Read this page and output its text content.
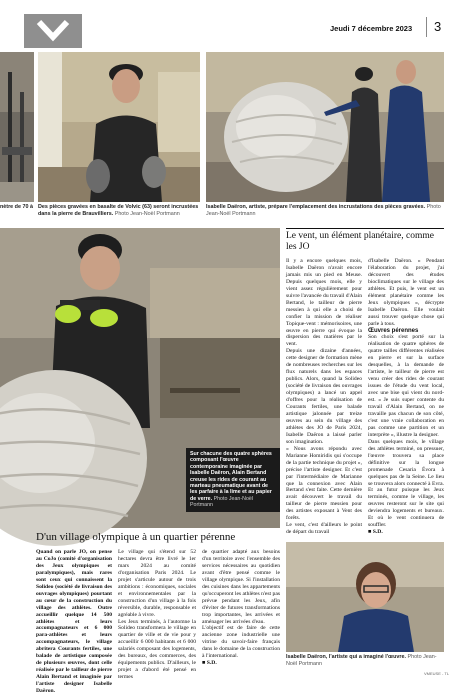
Jeudi 7 décembre 2023 3
nètre de 70 à Des pièces gravées en basalte de Volvic (63) seront incrustées dans la pierre de Brauvilliers. Photo Jean-Noël Portmann
Isabelle Daëron, artiste, prépare l'emplacement des incrustations des pièces gravées. Photo Jean-Noël Portmann
Sur chacune des quatre sphères composant l'œuvre contemporaine imaginée par Isabelle Daëron, Alain Bertand creuse les rides de courant au marteau pneumatique avant de les parfaire à la lime et au papier de verre. Photo Jean-Noël Portmann
Le vent, un élément planétaire, comme les JO

Il y a encore quelques mois, Isabelle Daëron n'avait encore jamais mis un pied en Meuse. Depuis quelques mois, elle y vient assez régulièrement pour suivre l'avancée du travail d'Alain Bertand, le tailleur de pierre messien à qui elle a choisi de confier la mission de réaliser Topique-vent : mémorisoires, une œuvre en pierre qui évoque la dispersion des matières par le vent.
Depuis une dizaine d'années, cette designer de formation mène de nombreuses recherches sur les flux naturels dans les espaces publics. Alors, quand la Solideo (société de livraison des ouvrages olympiques) a lancé un appel d'offres pour la réalisation de Courants fertiles, une balade artistique jalonnée par treize œuvres au sein du village des athlètes des JO de Paris 2024, Isabelle Daëron a laissé parler son imagination.
« Nous avons répondu avec Marianne Homiridis qui s'occupe de la partie technique du projet », précise l'artiste designer. Et c'est par l'intermédiaire de Marianne que la connexion avec Alain Bertand s'est faite. Cette dernière avait découvert le travail du tailleur de pierre messien pour des artistes exposant à Vent des forêts.
Le vent, c'est d'ailleurs le point de départ du travail

d'Isabelle Daëron. « Pendant l'élaboration du projet, j'ai découvert des études bioclimatiques sur le village des athlètes. Et puis, le vent est un élément planétaire comme les Jeux olympiques », décrypte Isabelle Daëron. Elle voulait aussi trouver quelque chose qui parle à tous.

Œuvres pérennes

Son choix s'est porté sur la réalisation de quatre sphères de quatre tailles différentes réalisées en pierre et sur la surface desquelles, à la demande de l'artiste, le tailleur de pierre est venu créer des rides de courant issues de l'étude du vent local, avec une bise qui vient du nord-est. « Je suis super contente du travail d'Alain Bertand, on ne travaille pas chacun de son côté, c'est une vraie collaboration en pas comme une partition et un interprète », illustre la designer.
Dans quelques mois, le village des athlètes terminé, on pressuer, l'œuvre trouvera sa place définitive sur la longue promenade Cesaria Évora à quelques pas de la Seine. Le lieu se trouvera alors connecté à Evra. Et au futur puisque les Jeux terminés, comme le village, les œuvres resteront sur le site qui deviendra logements et bureaux. Et où le vent continuera de souffler.

■ S.D.

D'un village olympique à un quartier pérenne

Quand on parle JO, on pense au CoJo (comité d'organisation des Jeux olympiques et paralympiques), mais rares sont ceux qui connaissent la Solideo (société de livraison des ouvrages olympiques) pourtant au cœur de la construction du village des athlètes. Outre accueillir quelque 14 500 athlètes et leurs accompagnateurs et 6 000 para-athlètes et leurs accompagnateurs, le village abritera Courants fertiles, une balade de artistique composée de plusieurs œuvres, dont celle réalisée par le tailleur de pierre Alain Bertand et imaginée par l'artiste designer Isabelle Daëron.

Le village qui s'étend sur 52 hectares devra être livré le 1er mars 2024 au comité d'organisation Paris 2024. Le projet s'articule autour de trois ambitions : économiques, sociales et environnementales par la construction d'un village à la fois réversible, durable, responsable et agréable à vivre.
Les Jeux terminés, à l'automne la Solideo transformera le village en quartier de ville et de vie pour y accueillir 6 000 habitants et 6 000 salariés composant des logements, des bureaux, des commerces, des équipements publics. D'ailleurs, le projet a d'abord été pensé en termes

de quartier adapté aux besoins d'un territoire avec l'ensemble des services nécessaires au quotidien avant d'être pensé comme le village olympique. Si l'installation des cuisines dans les appartements qu'occuperont les athlètes n'est pas prévue pendant les Jeux, afin d'éviter de futures transformations trop importantes, les arrivées et aménager les arrivées d'eau.
L'objectif est de faire de cette ancienne zone industrielle une vitrine du savoir-faire français dans le domaine de la construction à l'international.

■ S.D.

Isabelle Daëron, l'artiste qui a imaginé l'œuvre. Photo Jean-Noël Portmann
VMEUSE - TL
